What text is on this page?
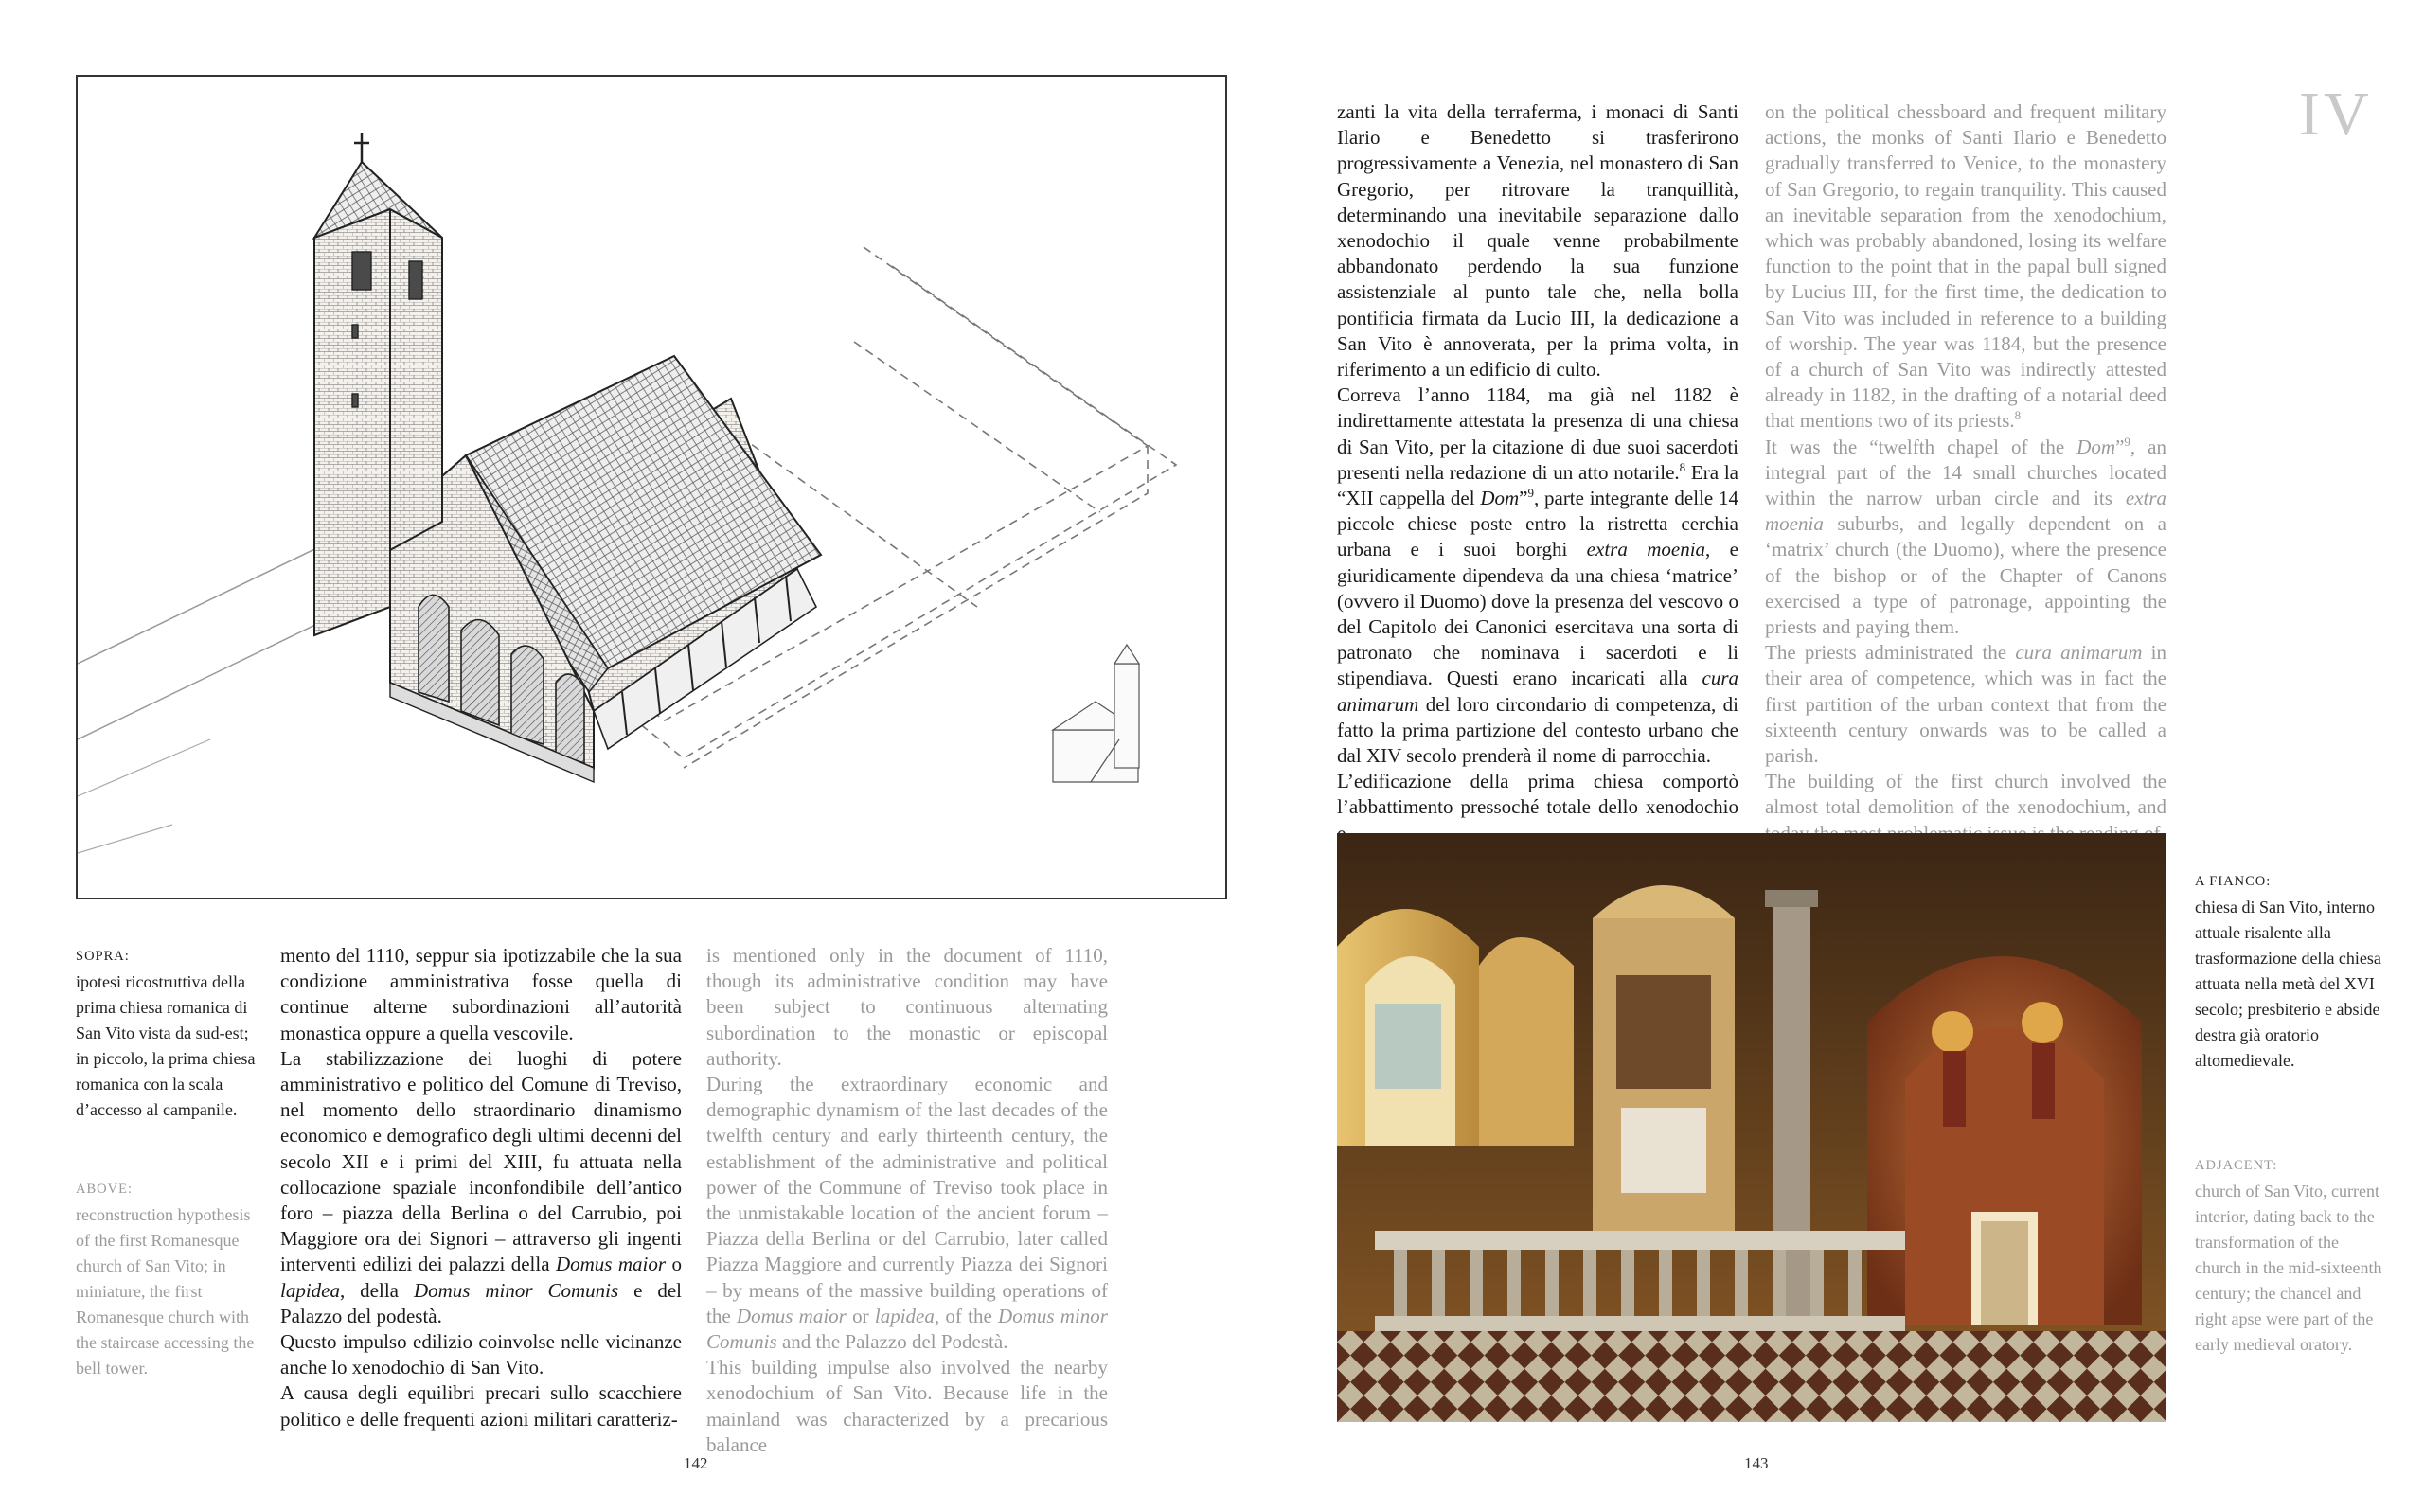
IV
SOPRA:
ipotesi ricostruttiva della prima chiesa romanica di San Vito vista da sud-est; in piccolo, la prima chiesa romanica con la scala d’accesso al campanile.
ABOVE:
reconstruction hypothesis of the first Romanesque church of San Vito; in miniature, the first Romanesque church with the staircase accessing the bell tower.

mento del 1110, seppur sia ipotizzabile che la sua condizione amministrativa fosse quella di continue alterne subordinazioni all’autorità monastica oppure a quella vescovile.

La stabilizzazione dei luoghi di potere amministrativo e politico del Comune di Treviso, nel momento dello straordinario dinamismo economico e demografico degli ultimi decenni del secolo XII e i primi del XIII, fu attuata nella collocazione spaziale inconfondibile dell’antico foro – piazza della Berlina o del Carrubio, poi Maggiore ora dei Signori – attraverso gli ingenti interventi edilizi dei palazzi della Domus maior o lapidea, della Domus minor Comunis e del Palazzo del podestà.

Questo impulso edilizio coinvolse nelle vicinanze anche lo xenodochio di San Vito.

A causa degli equilibri precari sullo scacchiere politico e delle frequenti azioni militari caratteriz-

is mentioned only in the document of 1110, though its administrative condition may have been subject to continuous alternating subordination to the monastic or episcopal authority.

During the extraordinary economic and demographic dynamism of the last decades of the twelfth century and early thirteenth century, the establishment of the administrative and political power of the Commune of Treviso took place in the unmistakable location of the ancient forum – Piazza della Berlina or del Carrubio, later called Piazza Maggiore and currently Piazza dei Signori – by means of the massive building operations of the Domus maior or lapidea, of the Domus minor Comunis and the Palazzo del Podestà.

This building impulse also involved the nearby xenodochium of San Vito. Because life in the mainland was characterized by a precarious balance

zanti la vita della terraferma, i monaci di Santi Ilario e Benedetto si trasferirono progressivamente a Venezia, nel monastero di San Gregorio, per ritrovare la tranquillità, determinando una inevitabile separazione dallo xenodochio il quale venne probabilmente abbandonato perdendo la sua funzione assistenziale al punto tale che, nella bolla pontificia firmata da Lucio III, la dedicazione a San Vito è annoverata, per la prima volta, in riferimento a un edificio di culto.

Correva l’anno 1184, ma già nel 1182 è indirettamente attestata la presenza di una chiesa di San Vito, per la citazione di due suoi sacerdoti presenti nella redazione di un atto notarile.$^8$ Era la “XII cappella del Dom”$^9$, parte integrante delle 14 piccole chiese poste entro la ristretta cerchia urbana e i suoi borghi extra moenia, e giuridicamente dipendeva da una chiesa ‘matrice’ (ovvero il Duomo) dove la presenza del vescovo o del Capitolo dei Canonici esercitava una sorta di patronato che nominava i sacerdoti e li stipendiava. Questi erano incaricati alla cura animarum del loro circondario di competenza, di fatto la prima partizione del contesto urbano che dal XIV secolo prenderà il nome di parrocchia.

L’edificazione della prima chiesa comportò l’abbattimento pressoché totale dello xenodochio

on the political chessboard and frequent military actions, the monks of Santi Ilario e Benedetto gradually transferred to Venice, to the monastery of San Gregorio, to regain tranquility. This caused an inevitable separation from the xenodochium, which was probably abandoned, losing its welfare function to the point that in the papal bull signed by Lucius III, for the first time, the dedication to San Vito was included in reference to a building of worship. The year was 1184, but the presence of a church of San Vito was indirectly attested already in 1182, in the drafting of a notarial deed that mentions two of its priests.$^8$

It was the “twelfth chapel of the Dom”$^9$, an integral part of the 14 small churches located within the narrow urban circle and its extra moenia suburbs, and legally dependent on a ‘matrix’ church (the Duomo), where the presence of the bishop or of the Chapter of Canons exercised a type of patronage, appointing the priests and paying them.

The priests administrated the cura animarum in their area of competence, which was in fact the first partition of the urban context that from the sixteenth century onwards was to be called a parish.

The building of the first church involved the almost total demolition of the xenodochium, and

A FIANCO:
chiesa di San Vito, interno attuale risalente alla trasformazione della chiesa attuata nella metà del XVI secolo; presbiterio e abside destra già oratorio altomedievale.
ADJACENT:
church of San Vito, current interior, dating back to the transformation of the church in the mid-sixteenth century; the chancel and right apse were part of the early medieval oratory.
142	143
